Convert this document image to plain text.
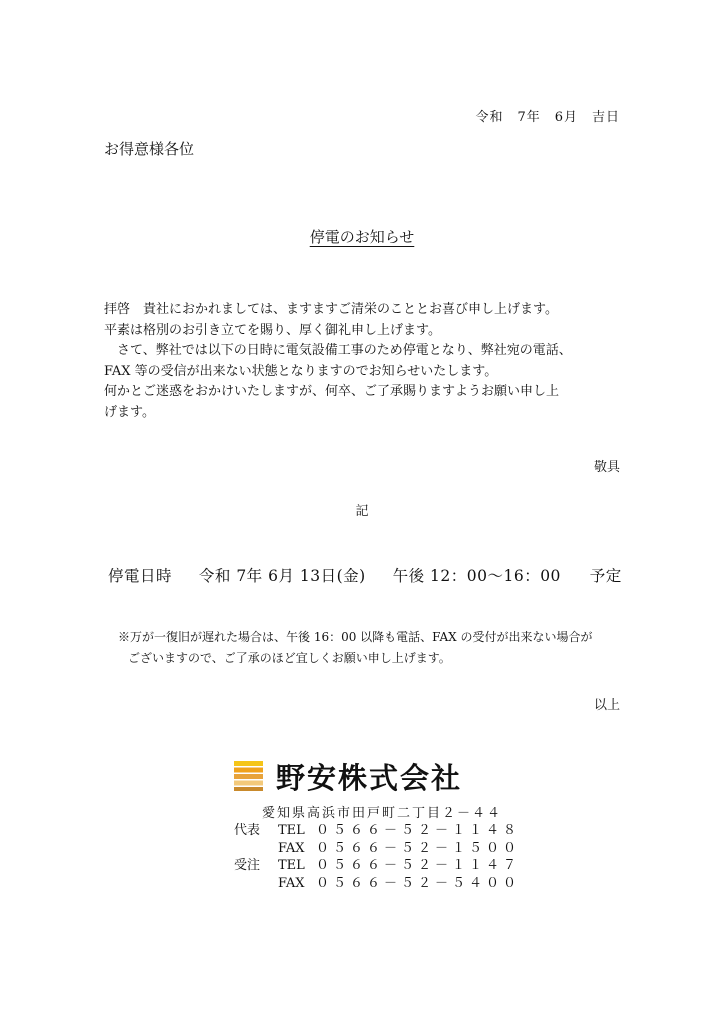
令和　7年　6月　吉日
お得意様各位
停電のお知らせ

拝啓　貴社におかれましては、ますますご清栄のこととお喜び申し上げます。

平素は格別のお引き立てを賜り、厚く御礼申し上げます。

　さて、弊社では以下の日時に電気設備工事のため停電となり、弊社宛の電話、

FAX 等の受信が出来ない状態となりますのでお知らせいたします。

何かとご迷惑をおかけいたしますが、何卒、ご了承賜りますようお願い申し上

げます。

敬具
記
停電日時 令和 7年 6月 13日(金) 午後 12：00～16：00 予定

※万が一復旧が遅れた場合は、午後 16：00 以降も電話、FAX の受付が出来ない場合が

ございますので、ご了承のほど宜しくお願い申し上げます。

以上
野安株式会社
愛知県高浜市田戸町二丁目２－４４
代表	TEL ０５６６－５２－１１４８
FAX ０５６６－５２－１５００
受注	TEL ０５６６－５２－１１４７
FAX ０５６６－５２－５４００
